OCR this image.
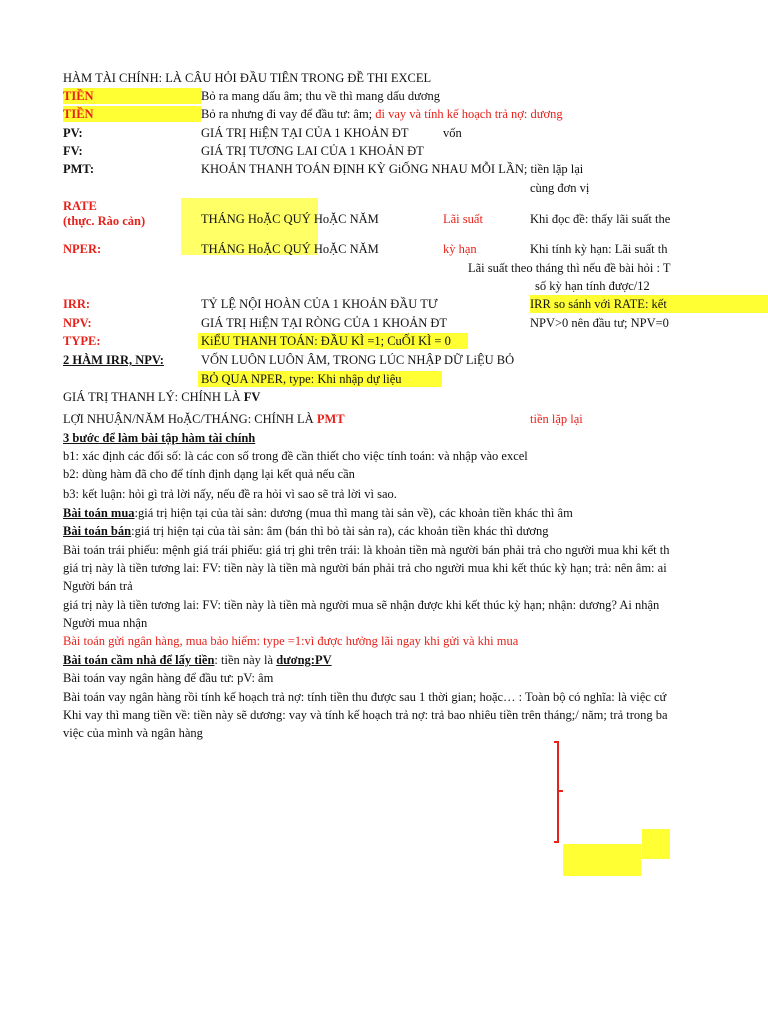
HÀM TÀI CHÍNH: LÀ CÂU HỎI ĐẦU TIÊN TRONG ĐỀ THI EXCEL
TIỀN	Bỏ ra mang dấu âm; thu về thì mang dấu dương
TIỀN	Bỏ ra nhưng đi vay để đầu tư: âm; đi vay và tính kế hoạch trả nợ: dương
PV:	GIÁ TRỊ HiỆN TẠI CỦA 1 KHOẢN ĐT	vốn
FV:	GIÁ TRỊ TƯƠNG LAI CỦA 1 KHOẢN ĐT
PMT:	KHOẢN THANH TOÁN ĐỊNH KỲ GiỐNG NHAU MỖI LẦN; tiền lặp lại
cùng đơn vị
RATE
(thực. Rào cản)	THÁNG HoẶC QUÝ HoẶC NĂM	Lãi suất	Khi đọc đề: thấy lãi suất the
NPER:	THÁNG HoẶC QUÝ HoẶC NĂM	kỳ hạn	Khi tính kỳ hạn: Lãi suất th
Lãi suất theo tháng thì nếu đề bài hỏi : T
số kỳ hạn tính được/12
IRR:	TỶ LỆ NỘI HOÀN CỦA 1 KHOẢN ĐẦU TƯ	IRR so sánh với RATE: kết
NPV:	GIÁ TRỊ HiỆN TẠI RÒNG CỦA 1 KHOẢN ĐT	NPV>0 nên đầu tư; NPV=0
TYPE:	KiỂU THANH TOÁN: ĐẦU KÌ =1; CuỐI KÌ = 0
2 HÀM IRR, NPV:	VỐN LUÔN LUÔN ÂM, TRONG LÚC NHẬP DỮ LiỆU BỎ
BỎ QUA NPER, type: Khi nhập dự liệu
GIÁ TRỊ THANH LÝ: CHÍNH LÀ FV
LỢI NHUẬN/NĂM HoẶC/THÁNG: CHÍNH LÀ PMT	tiền lặp lại
3 bước để làm bài tập hàm tài chính
b1: xác định các đối số: là các con số trong đề cần thiết cho việc tính toán: và nhập vào excel
b2: dùng hàm đã cho để tính định dạng lại kết quả nếu cần
b3: kết luận: hỏi gì trả lời nấy, nếu đề ra hỏi vì sao sẽ trả lời vì sao.
Bài toán mua:giá trị hiện tại của tài sản: dương (mua thì mang tài sản về), các khoản tiền khác thì âm
Bài toán bán:giá trị hiện tại của tài sản: âm (bán thì bỏ tài sản ra), các khoản tiền khác thì dương
Bài toán trái phiếu: mệnh giá trái phiếu: giá trị ghi trên trái: là khoản tiền mà người bán phải trả cho người mua khi kết th
giá trị này là tiền tương lai: FV: tiền này là tiền mà người bán phải trả cho người mua khi kết thúc kỳ hạn; trả: nên âm: ai
Người bán trả
giá trị này là tiền tương lai: FV: tiền này là tiền mà người mua sẽ nhận được khi kết thúc kỳ hạn; nhận: dương? Ai nhận
Người mua nhận
Bài toán gửi ngân hàng, mua bảo hiểm: type =1:vì được hưởng lãi ngay khi gửi và khi mua
Bài toán cầm nhà để lấy tiền: tiền này là dương:PV
Bài toán vay ngân hàng để đầu tư: pV: âm
Bài toán vay ngân hàng rồi tính kế hoạch trả nợ: tính tiền thu được sau 1 thời gian; hoặc… : Toàn bộ có nghĩa: là việc cứ
Khi vay thì mang tiền về: tiền này sẽ dương: vay và tính kế hoạch trả nợ: trả bao nhiêu tiền trên tháng;/ năm; trả trong ba
việc của mình và ngân hàng
